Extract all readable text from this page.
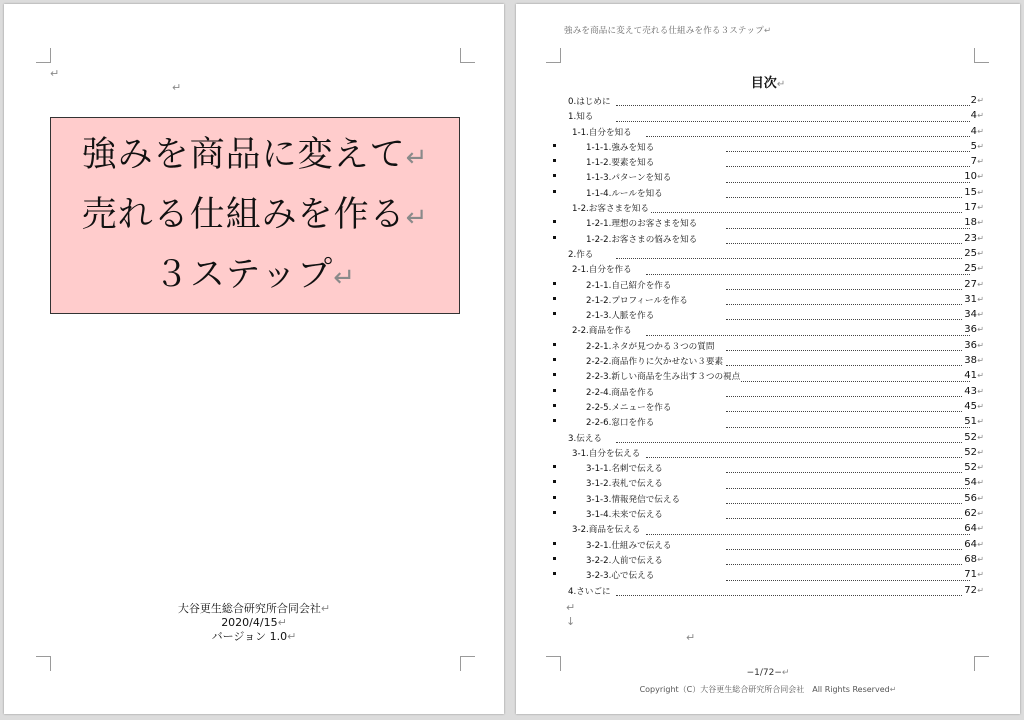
↵
↵
強みを商品に変えて↵
売れる仕組みを作る↵
３ステップ↵
大谷更生総合研究所合同会社↵
2020/4/15↵
バージョン 1.0↵
強みを商品に変えて売れる仕組みを作る３ステップ↵
目次↵
0.はじめに	2 ↵
1.知る	4 ↵
1-1.自分を知る	4 ↵
1-1-1.強みを知る	5 ↵
1-1-2.要素を知る	7 ↵
1-1-3.パターンを知る	10 ↵
1-1-4.ルールを知る	15 ↵
1-2.お客さまを知る	17 ↵
1-2-1.理想のお客さまを知る	18 ↵
1-2-2.お客さまの悩みを知る	23 ↵
2.作る	25 ↵
2-1.自分を作る	25 ↵
2-1-1.自己紹介を作る	27 ↵
2-1-2.プロフィールを作る	31 ↵
2-1-3.人脈を作る	34 ↵
2-2.商品を作る	36 ↵
2-2-1.ネタが見つかる３つの質問	36 ↵
2-2-2.商品作りに欠かせない３要素	38 ↵
2-2-3.新しい商品を生み出す３つの視点	41 ↵
2-2-4.商品を作る	43 ↵
2-2-5.メニューを作る	45 ↵
2-2-6.窓口を作る	51 ↵
3.伝える	52 ↵
3-1.自分を伝える	52 ↵
3-1-1.名刺で伝える	52 ↵
3-1-2.表札で伝える	54 ↵
3-1-3.情報発信で伝える	56 ↵
3-1-4.未来で伝える	62 ↵
3-2.商品を伝える	64 ↵
3-2-1.仕組みで伝える	64 ↵
3-2-2.人前で伝える	68 ↵
3-2-3.心で伝える	71 ↵
4.さいごに	72 ↵
↵
↓
↵
−1/72−↵
Copyright（C）大谷更生総合研究所合同会社　All Rights Reserved↵
